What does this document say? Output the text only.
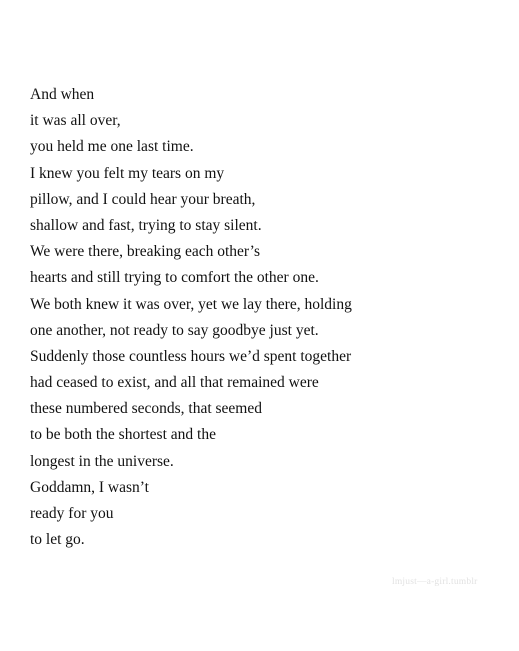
And when
it was all over,
you held me one last time.
I knew you felt my tears on my
pillow, and I could hear your breath,
shallow and fast, trying to stay silent.
We were there, breaking each other’s
hearts and still trying to comfort the other one.
We both knew it was over, yet we lay there, holding
one another, not ready to say goodbye just yet.
Suddenly those countless hours we’d spent together
had ceased to exist, and all that remained were
these numbered seconds, that seemed
to be both the shortest and the
longest in the universe.
Goddamn, I wasn’t
ready for you
to let go.
lmjust—a-girl.tumblr
